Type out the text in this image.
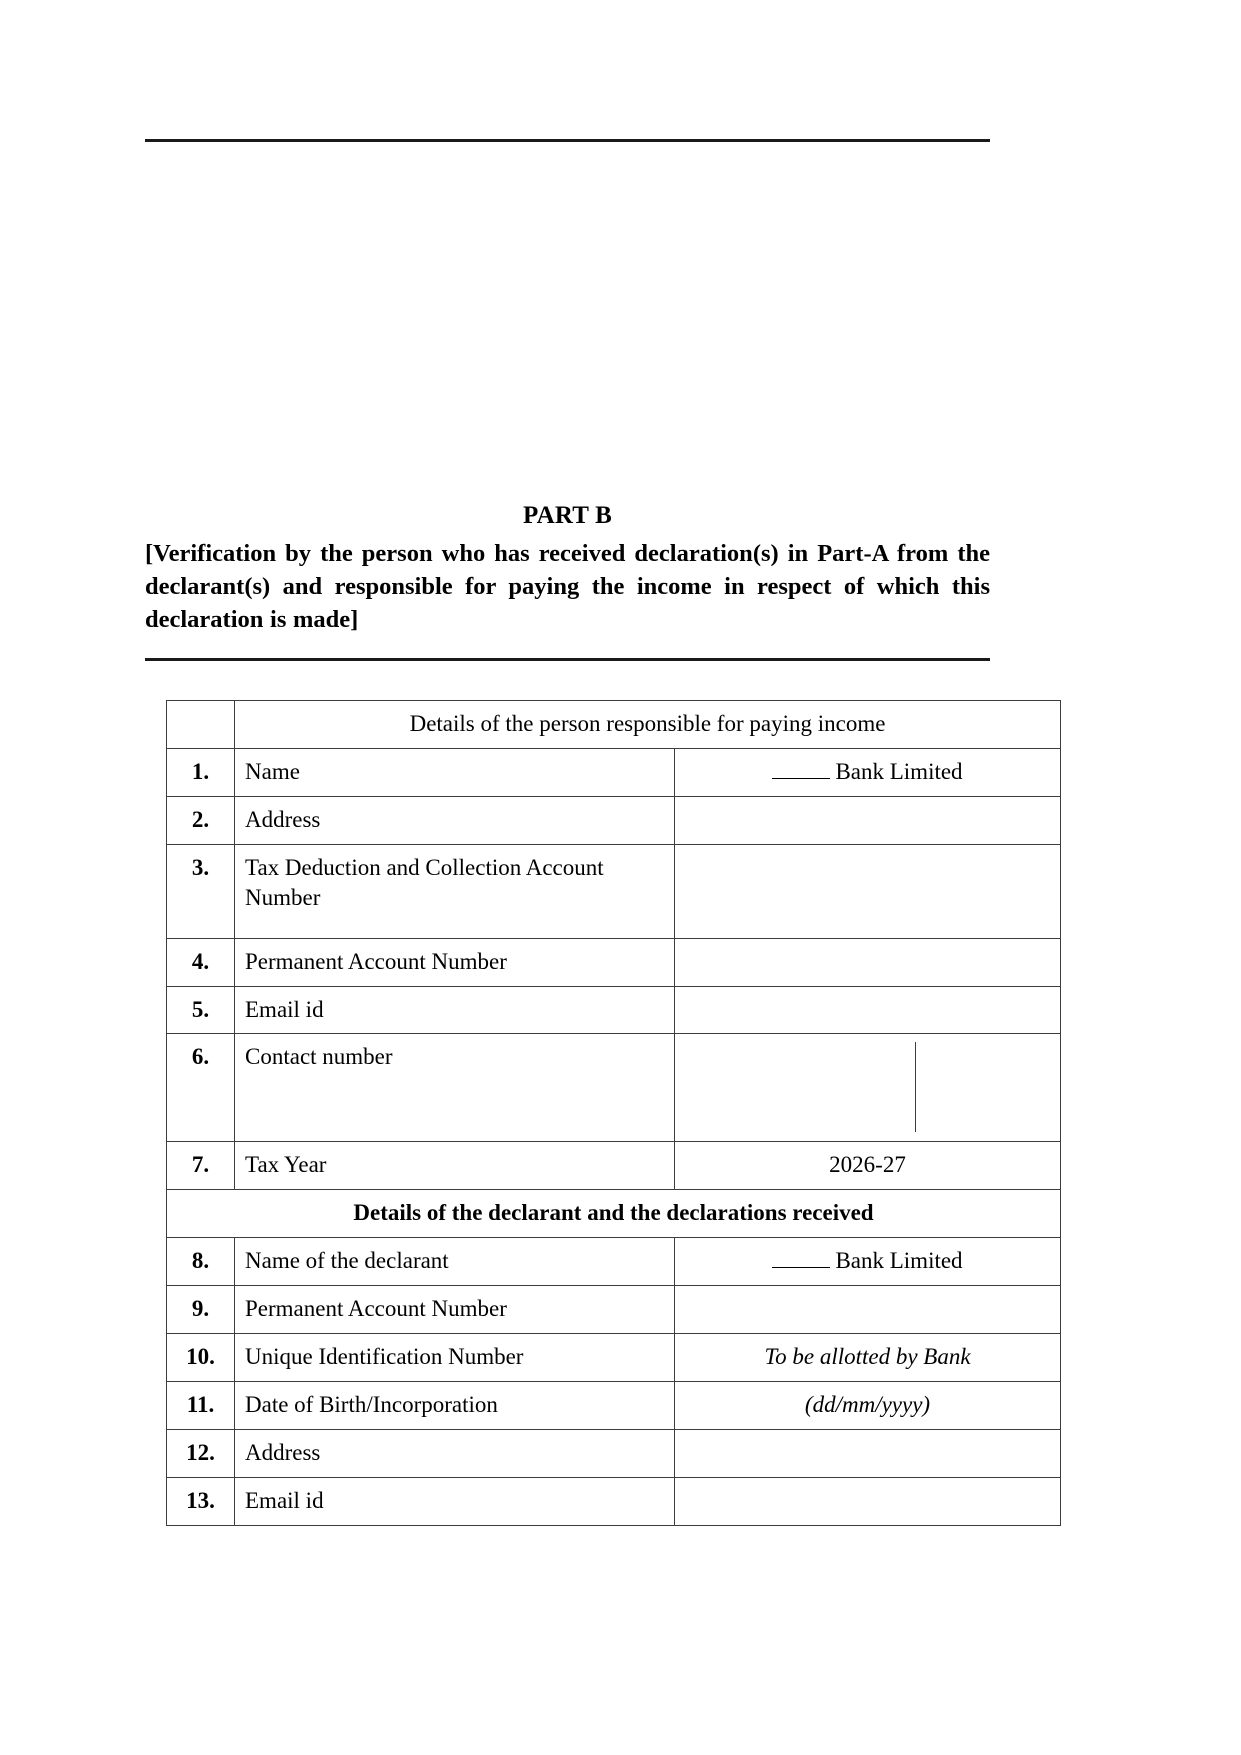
PART B
[Verification by the person who has received declaration(s) in Part-A from the declarant(s) and responsible for paying the income in respect of which this declaration is made]
	Details of the person responsible for paying income	
1.	Name	Bank Limited
2.	Address	
3.	Tax Deduction and Collection Account Number	
4.	Permanent Account Number	
5.	Email id	
6.	Contact number	

7.	Tax Year	2026-27
Details of the declarant and the declarations received		
8.	Name of the declarant	Bank Limited
9.	Permanent Account Number	
10.	Unique Identification Number	To be allotted by Bank
11.	Date of Birth/Incorporation	(dd/mm/yyyy)
12.	Address	
13.	Email id	
